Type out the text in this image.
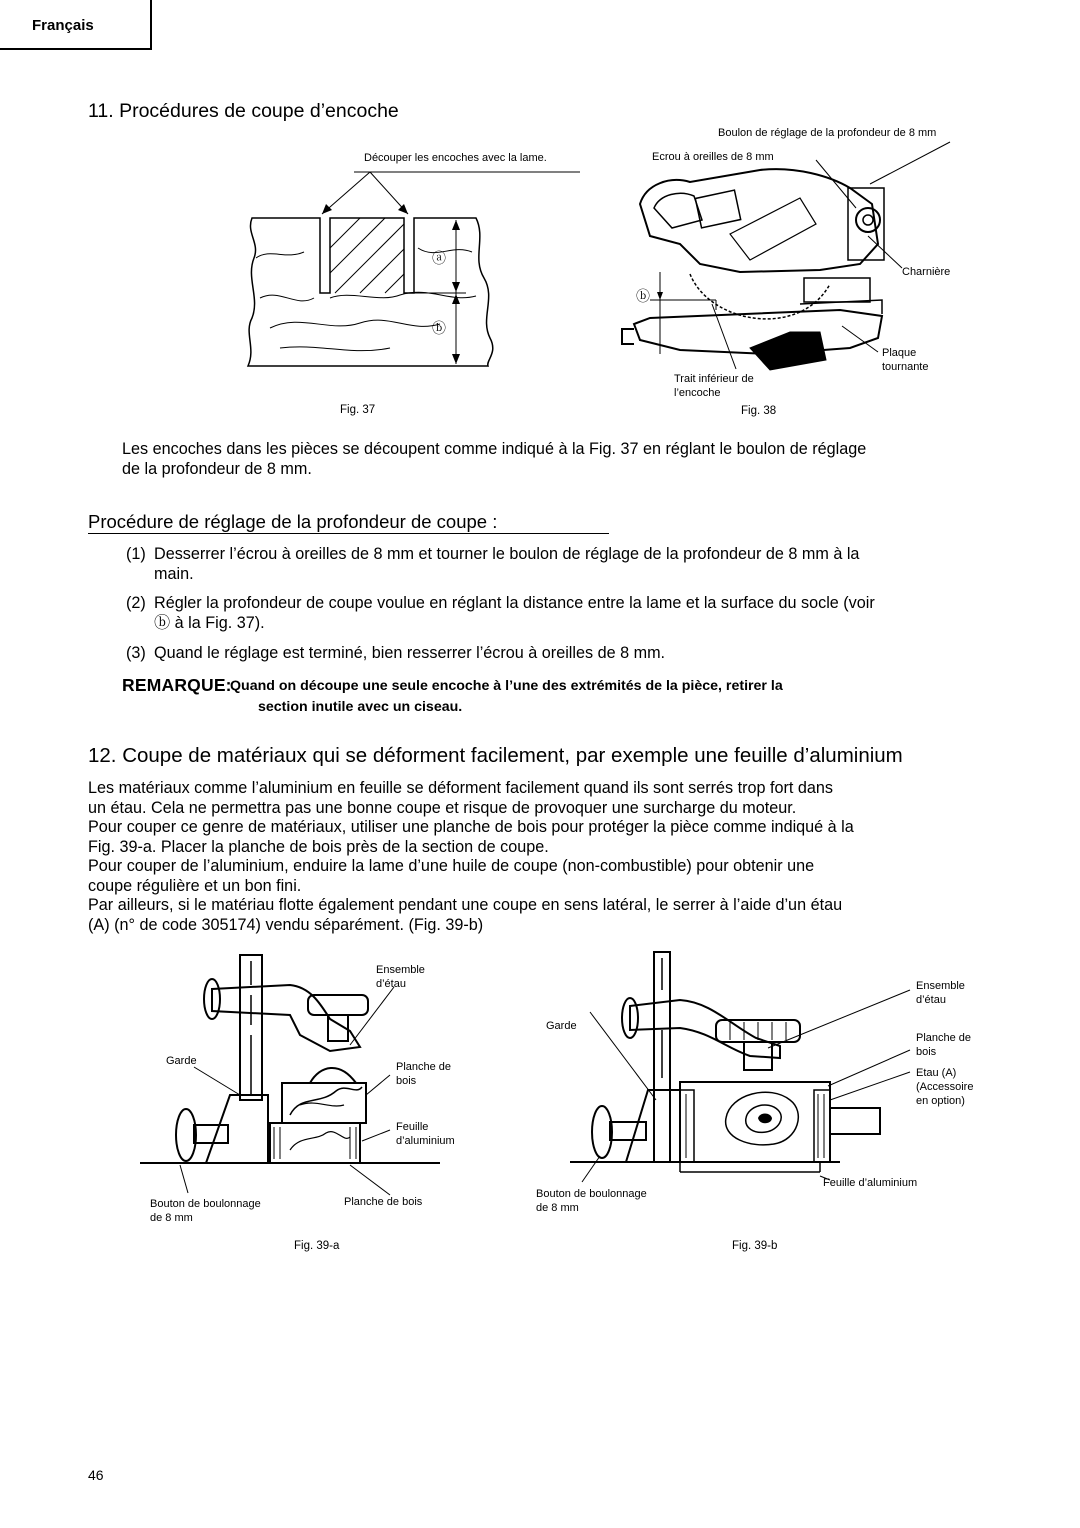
Français
11. Procédures de coupe d’encoche
Découper les encoches avec la lame.
ⓐ
ⓑ
Fig. 37
Boulon de réglage de la profondeur de 8 mm
Ecrou à oreilles de 8 mm
ⓑ
Charnière
Plaque
tournante
Trait inférieur de
l’encoche
Fig. 38
Les encoches dans les pièces se découpent comme indiqué à la Fig. 37 en réglant le boulon de réglage
de la profondeur de 8 mm.
Procédure de réglage de la profondeur de coupe :
(1) Desserrer l’écrou à oreilles de 8 mm et tourner le boulon de réglage de la profondeur de 8 mm à la
main.
(2) Régler la profondeur de coupe voulue en réglant la distance entre la lame et la surface du socle (voir
ⓑ à la Fig. 37).
(3) Quand le réglage est terminé, bien resserrer l’écrou à oreilles de 8 mm.
REMARQUE:
Quand on découpe une seule encoche à l’une des extrémités de la pièce, retirer la
section inutile avec un ciseau.
12. Coupe de matériaux qui se déforment facilement, par exemple une feuille d’aluminium
Les matériaux comme l’aluminium en feuille se déforment facilement quand ils sont serrés trop fort dans
un étau. Cela ne permettra pas une bonne coupe et risque de provoquer une surcharge du moteur.
Pour couper ce genre de matériaux, utiliser une planche de bois pour protéger la pièce comme indiqué à la
Fig. 39-a. Placer la planche de bois près de la section de coupe.
Pour couper de l’aluminium, enduire la lame d’une huile de coupe (non-combustible) pour obtenir une
coupe régulière et un bon fini.
Par ailleurs, si le matériau flotte également pendant une coupe en sens latéral, le serrer à l’aide d’un étau
(A) (n° de code 305174) vendu séparément. (Fig. 39-b)
Ensemble
d’étau
Garde	Planche de
bois
Feuille
d’aluminium
Bouton de boulonnage
de 8 mm
Planche de bois
Fig. 39-a
Ensemble
d’étau
Garde
Planche de
bois
Etau (A)
(Accessoire
en option)
Feuille d’aluminium
Bouton de boulonnage
de 8 mm
Fig. 39-b
46
